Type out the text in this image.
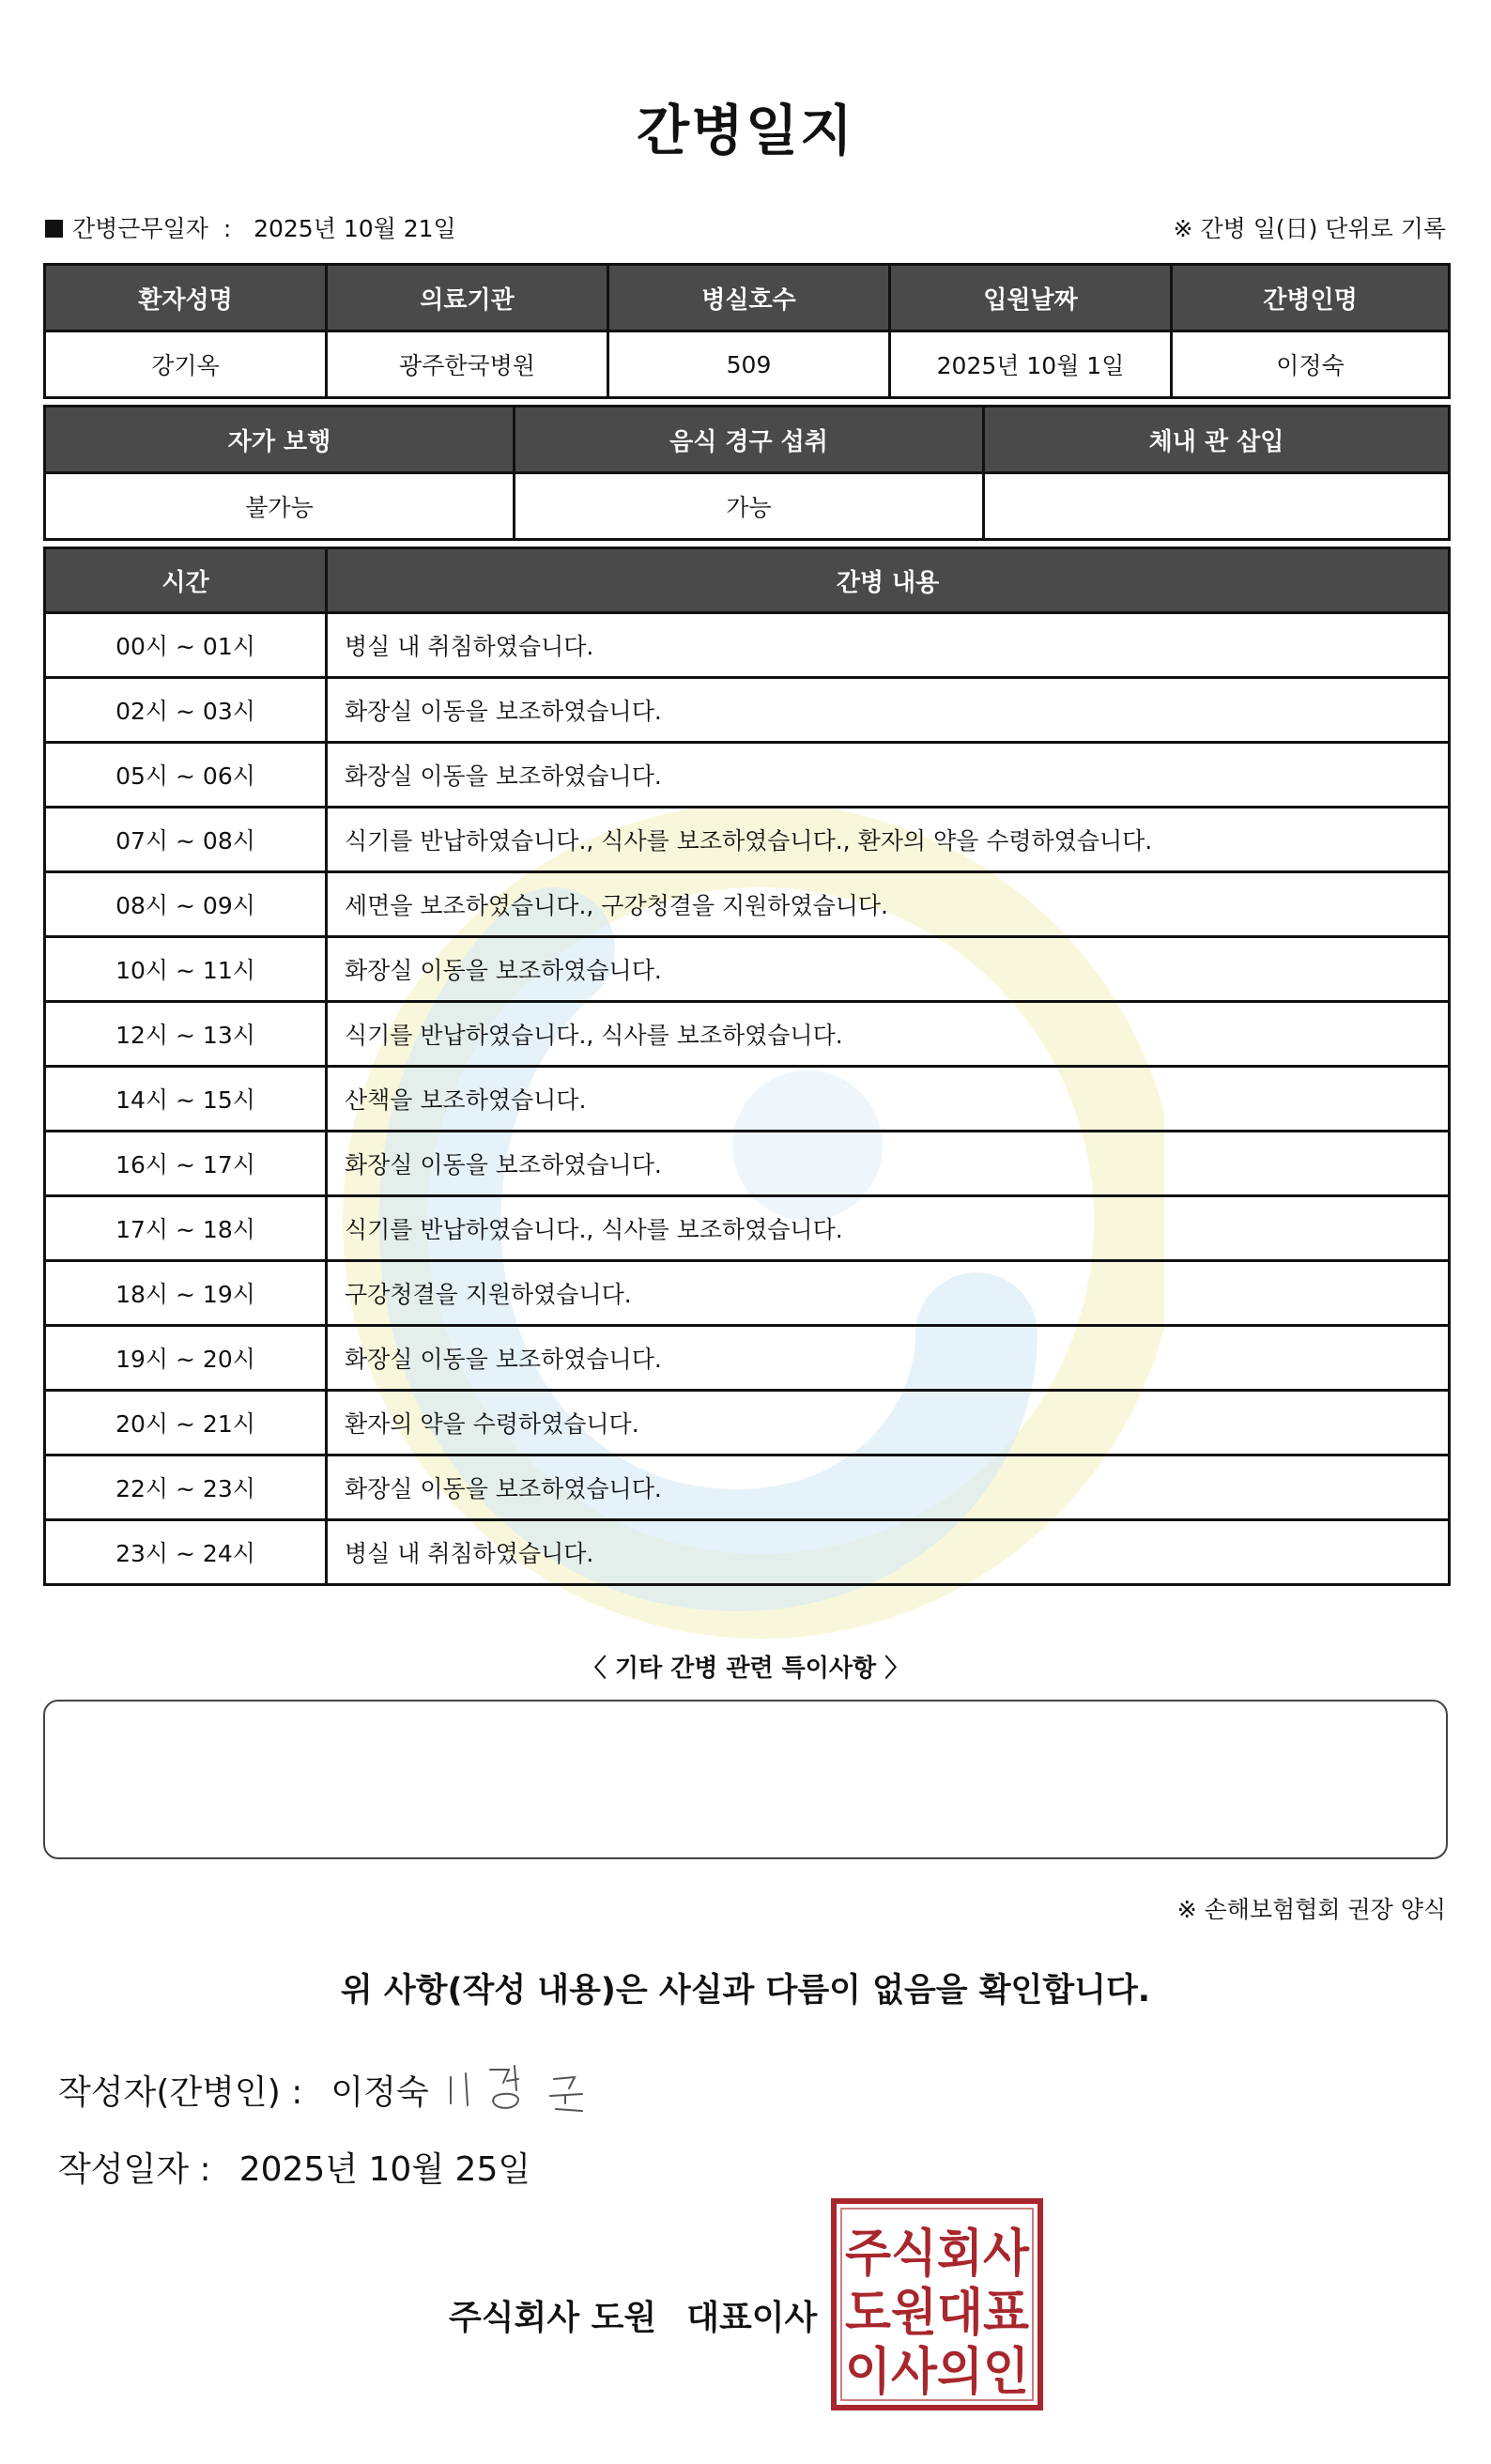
간병일지
간병근무일자 : 2025년 10월 21일	※ 간병 일(日) 단위로 기록
환자성명	의료기관	병실호수	입원날짜	간병인명
강기옥	광주한국병원	509	2025년 10월 1일	이정숙
자가 보행	음식 경구 섭취	체내 관 삽입
불가능	가능	
시간	간병 내용
00시 ~ 01시	병실 내 취침하였습니다.
02시 ~ 03시	화장실 이동을 보조하였습니다.
05시 ~ 06시	화장실 이동을 보조하였습니다.
07시 ~ 08시	식기를 반납하였습니다., 식사를 보조하였습니다., 환자의 약을 수령하였습니다.
08시 ~ 09시	세면을 보조하였습니다., 구강청결을 지원하였습니다.
10시 ~ 11시	화장실 이동을 보조하였습니다.
12시 ~ 13시	식기를 반납하였습니다., 식사를 보조하였습니다.
14시 ~ 15시	산책을 보조하였습니다.
16시 ~ 17시	화장실 이동을 보조하였습니다.
17시 ~ 18시	식기를 반납하였습니다., 식사를 보조하였습니다.
18시 ~ 19시	구강청결을 지원하였습니다.
19시 ~ 20시	화장실 이동을 보조하였습니다.
20시 ~ 21시	환자의 약을 수령하였습니다.
22시 ~ 23시	화장실 이동을 보조하였습니다.
23시 ~ 24시	병실 내 취침하였습니다.
〈 기타 간병 관련 특이사항 〉
※ 손해보험협회 권장 양식
위 사항(작성 내용)은 사실과 다름이 없음을 확인합니다.
작성자(간병인) : 이정숙
작성일자 : 2025년 10월 25일
주식회사 도원 대표이사
주식회사
도원대표
이사의인
